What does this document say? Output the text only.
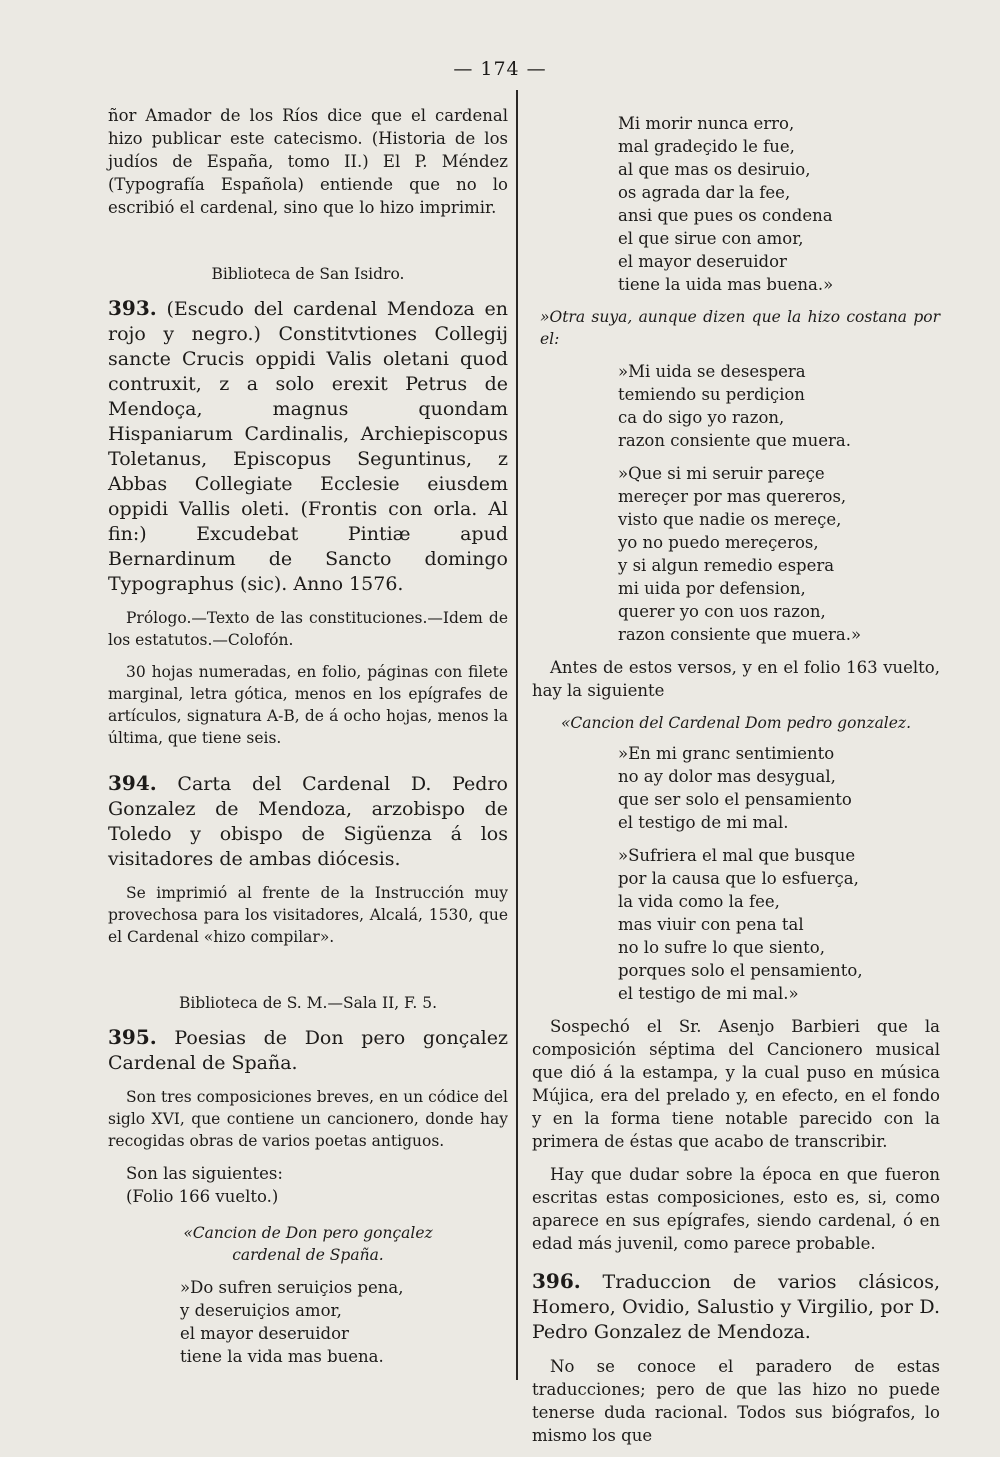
— 174 —

ñor Amador de los Ríos dice que el cardenal hizo publicar este catecismo. (Historia de los judíos de España, tomo II.) El P. Méndez (Typografía Española) entiende que no lo escribió el cardenal, sino que lo hizo imprimir.

Biblioteca de San Isidro.

393. (Escudo del cardenal Mendoza en rojo y negro.) Constitvtiones Collegij sancte Crucis oppidi Valis oletani quod contruxit, z a solo erexit Petrus de Mendoça, magnus quondam Hispaniarum Cardinalis, Archiepiscopus Toletanus, Episcopus Seguntinus, z Abbas Collegiate Ecclesie eiusdem oppidi Vallis oleti. (Frontis con orla. Al fin:) Excudebat Pintiæ apud Bernardinum de Sancto domingo Typographus (sic). Anno 1576.

Prólogo.—Texto de las constituciones.—Idem de los estatutos.—Colofón.

30 hojas numeradas, en folio, páginas con filete marginal, letra gótica, menos en los epígrafes de artículos, signatura A-B, de á ocho hojas, menos la última, que tiene seis.

394. Carta del Cardenal D. Pedro Gonzalez de Mendoza, arzobispo de Toledo y obispo de Sigüenza á los visitadores de ambas diócesis.

Se imprimió al frente de la Instrucción muy provechosa para los visitadores, Alcalá, 1530, que el Cardenal «hizo compilar».

Biblioteca de S. M.—Sala II, F. 5.

395. Poesias de Don pero gonçalez Cardenal de Spaña.

Son tres composiciones breves, en un códice del siglo XVI, que contiene un cancionero, donde hay recogidas obras de varios poetas antiguos.

Son las siguientes:
(Folio 166 vuelto.)
«Cancion de Don pero gonçalez
cardenal de Spaña.
»Do sufren seruiçios pena,
y deseruiçios amor,
el mayor deseruidor
tiene la vida mas buena.
Mi morir nunca erro,
mal gradeçido le fue,
al que mas os desiruio,
os agrada dar la fee,
ansi que pues os condena
el que sirue con amor,
el mayor deseruidor
tiene la uida mas buena.»
»Otra suya, aunque dizen que la hizo costana por el:
»Mi uida se desespera
temiendo su perdiçion
ca do sigo yo razon,
razon consiente que muera.
»Que si mi seruir pareçe
mereçer por mas quereros,
visto que nadie os mereçe,
yo no puedo mereçeros,
y si algun remedio espera
mi uida por defension,
querer yo con uos razon,
razon consiente que muera.»

Antes de estos versos, y en el folio 163 vuelto, hay la siguiente

«Cancion del Cardenal Dom pedro gonzalez.
»En mi granc sentimiento
no ay dolor mas desygual,
que ser solo el pensamiento
el testigo de mi mal.
»Sufriera el mal que busque
por la causa que lo esfuerça,
la vida como la fee,
mas viuir con pena tal
no lo sufre lo que siento,
porques solo el pensamiento,
el testigo de mi mal.»

Sospechó el Sr. Asenjo Barbieri que la composición séptima del Cancionero musical que dió á la estampa, y la cual puso en música Mújica, era del prelado y, en efecto, en el fondo y en la forma tiene notable parecido con la primera de éstas que acabo de transcribir.

Hay que dudar sobre la época en que fueron escritas estas composiciones, esto es, si, como aparece en sus epígrafes, siendo cardenal, ó en edad más juvenil, como parece probable.

396. Traduccion de varios clásicos, Homero, Ovidio, Salustio y Virgilio, por D. Pedro Gonzalez de Mendoza.

No se conoce el paradero de estas traducciones; pero de que las hizo no puede tenerse duda racional. Todos sus biógrafos, lo mismo los que
